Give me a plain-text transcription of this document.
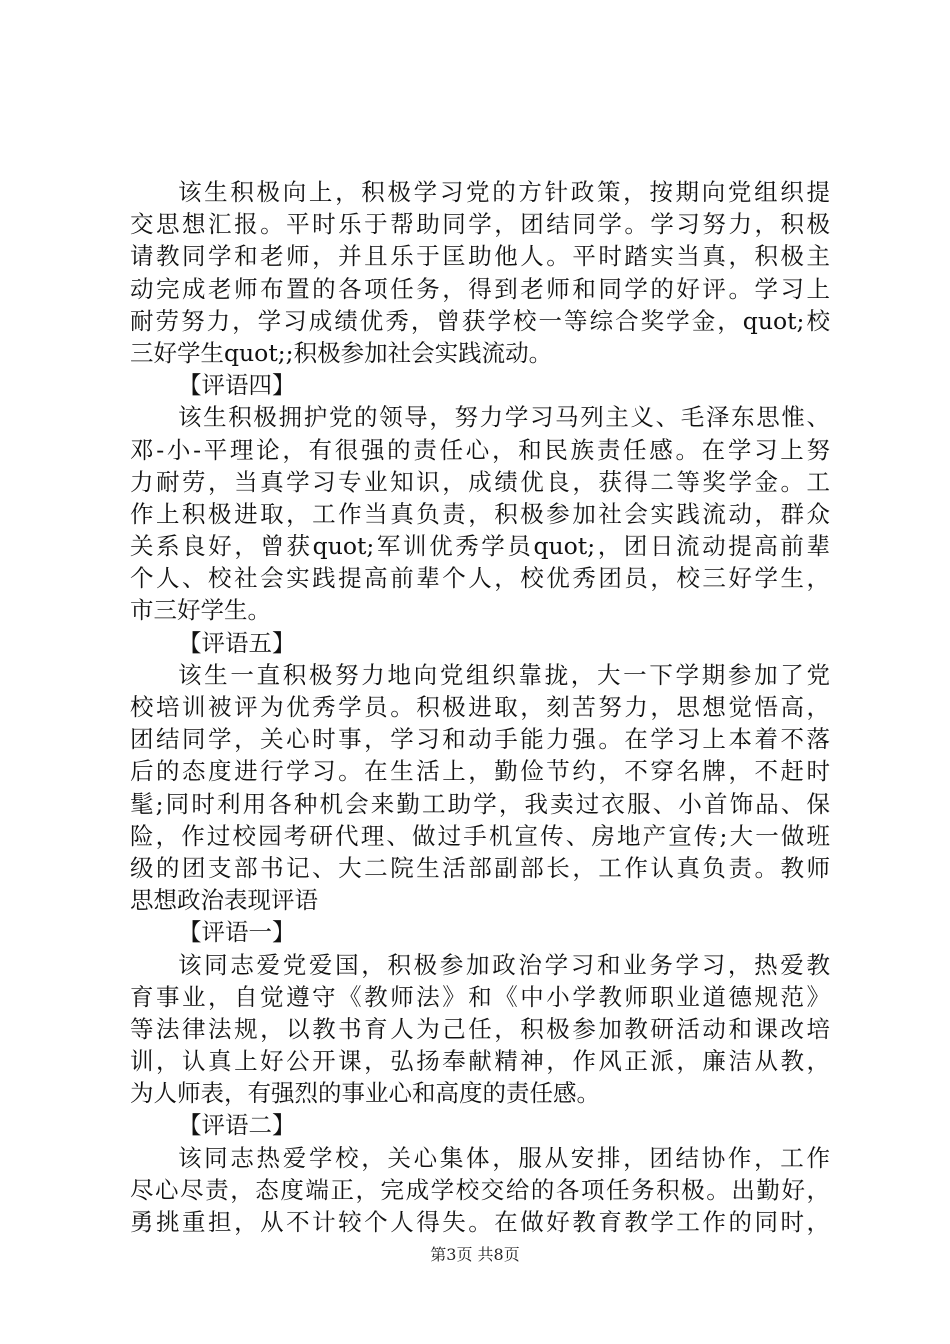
该生积极向上，积极学习党的方针政策，按期向党组织提
交思想汇报。平时乐于帮助同学，团结同学。学习努力，积极
请教同学和老师，并且乐于匡助他人。平时踏实当真，积极主
动完成老师布置的各项任务，得到老师和同学的好评。学习上
耐劳努力，学习成绩优秀，曾获学校一等综合奖学金，quot;校
三好学生quot;;积极参加社会实践流动。
【评语四】
该生积极拥护党的领导，努力学习马列主义、毛泽东思惟、
邓-小-平理论，有很强的责任心，和民族责任感。在学习上努
力耐劳，当真学习专业知识，成绩优良，获得二等奖学金。工
作上积极进取，工作当真负责，积极参加社会实践流动，群众
关系良好，曾获quot;军训优秀学员quot;，团日流动提高前辈
个人、校社会实践提高前辈个人，校优秀团员，校三好学生，
市三好学生。
【评语五】
该生一直积极努力地向党组织靠拢，大一下学期参加了党
校培训被评为优秀学员。积极进取，刻苦努力，思想觉悟高，
团结同学，关心时事，学习和动手能力强。在学习上本着不落
后的态度进行学习。在生活上，勤俭节约，不穿名牌，不赶时
髦;同时利用各种机会来勤工助学，我卖过衣服、小首饰品、保
险，作过校园考研代理、做过手机宣传、房地产宣传;大一做班
级的团支部书记、大二院生活部副部长，工作认真负责。教师
思想政治表现评语
【评语一】
该同志爱党爱国，积极参加政治学习和业务学习，热爱教
育事业，自觉遵守《教师法》和《中小学教师职业道德规范》
等法律法规，以教书育人为己任，积极参加教研活动和课改培
训，认真上好公开课，弘扬奉献精神，作风正派，廉洁从教，
为人师表，有强烈的事业心和高度的责任感。
【评语二】
该同志热爱学校，关心集体，服从安排，团结协作，工作
尽心尽责，态度端正，完成学校交给的各项任务积极。出勤好，
勇挑重担，从不计较个人得失。在做好教育教学工作的同时，
第3页 共8页
